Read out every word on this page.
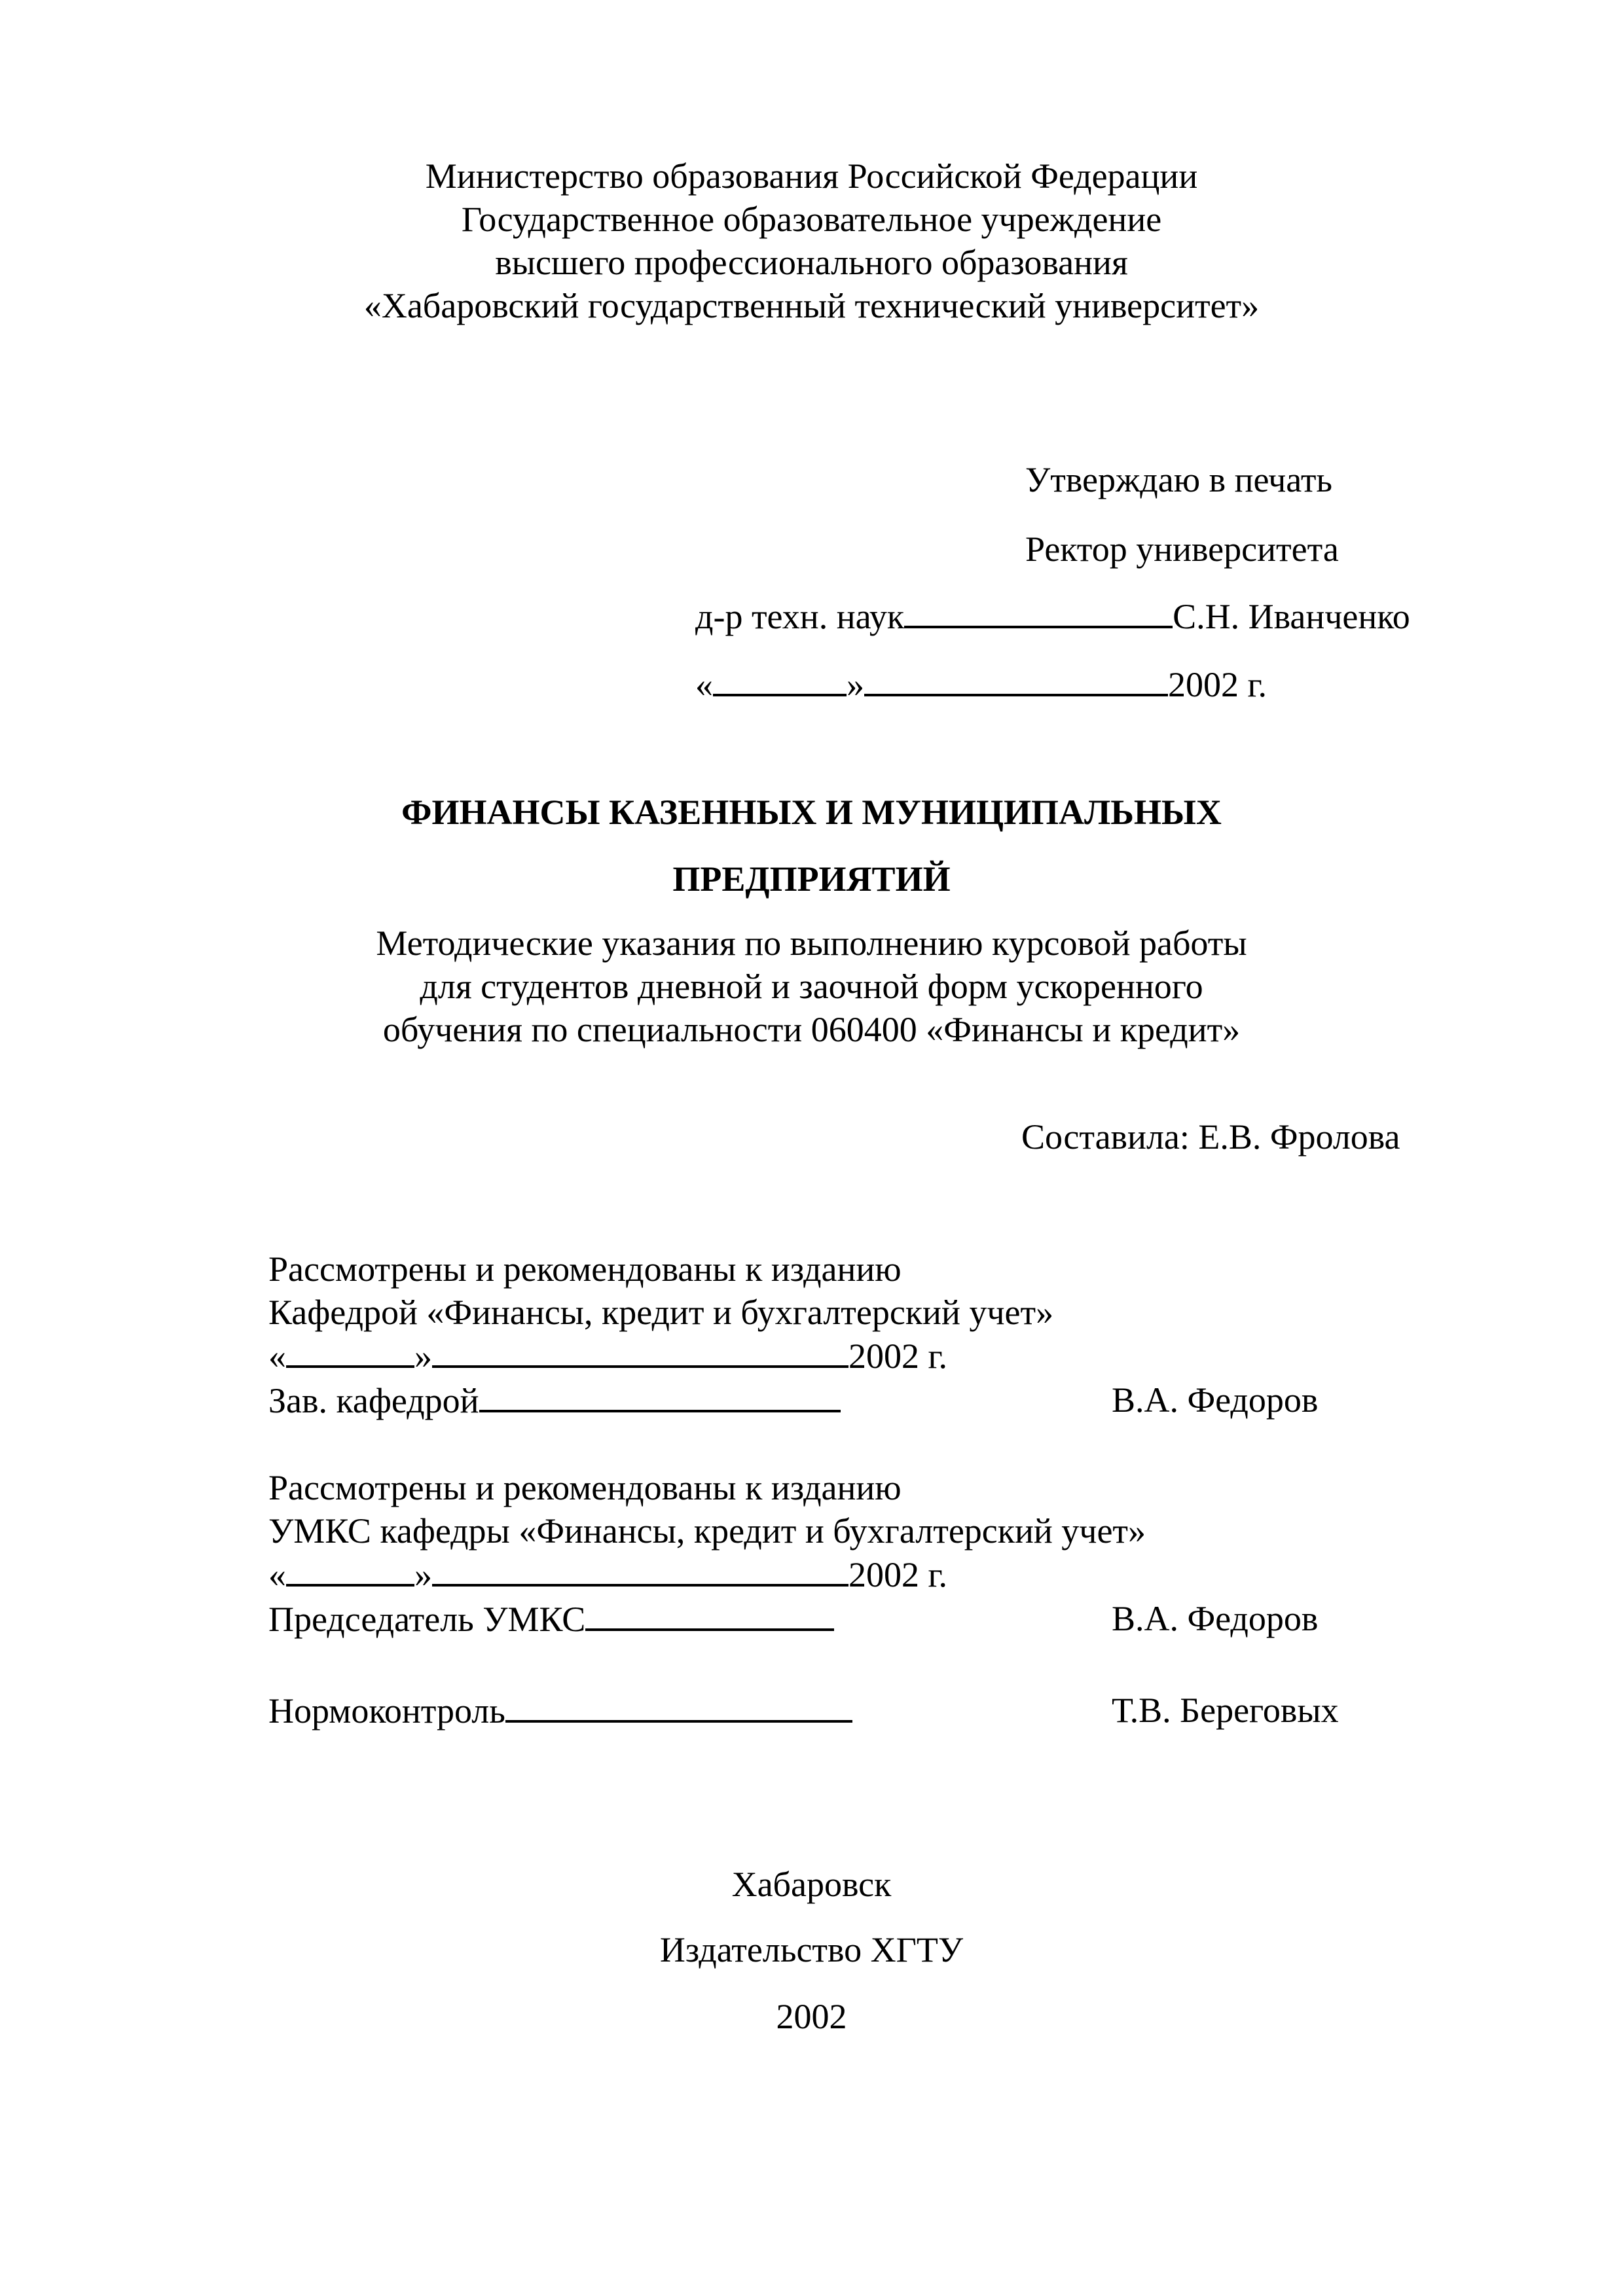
Министерство образования Российской Федерации

Государственное образовательное учреждение

высшего профессионального образования

«Хабаровский государственный технический университет»

Утверждаю в печать

Ректор университета

д-р техн. наук	С.Н. Иванченко
«	»	2002 г.

ФИНАНСЫ КАЗЕННЫХ И МУНИЦИПАЛЬНЫХ

ПРЕДПРИЯТИЙ

Методические указания по выполнению курсовой работы

для студентов дневной и заочной форм ускоренного

обучения по специальности 060400 «Финансы и кредит»

Составила: Е.В. Фролова

Рассмотрены и рекомендованы к изданию

Кафедрой «Финансы, кредит и бухгалтерский учет»

«	»	2002 г.
Зав. кафедрой	В.А. Федоров

Рассмотрены и рекомендованы к изданию

УМКС кафедры «Финансы, кредит и бухгалтерский учет»

«	»	2002 г.
Председатель УМКС	В.А. Федоров

Нормоконтроль	Т.В. Береговых

Хабаровск

Издательство ХГТУ

2002
